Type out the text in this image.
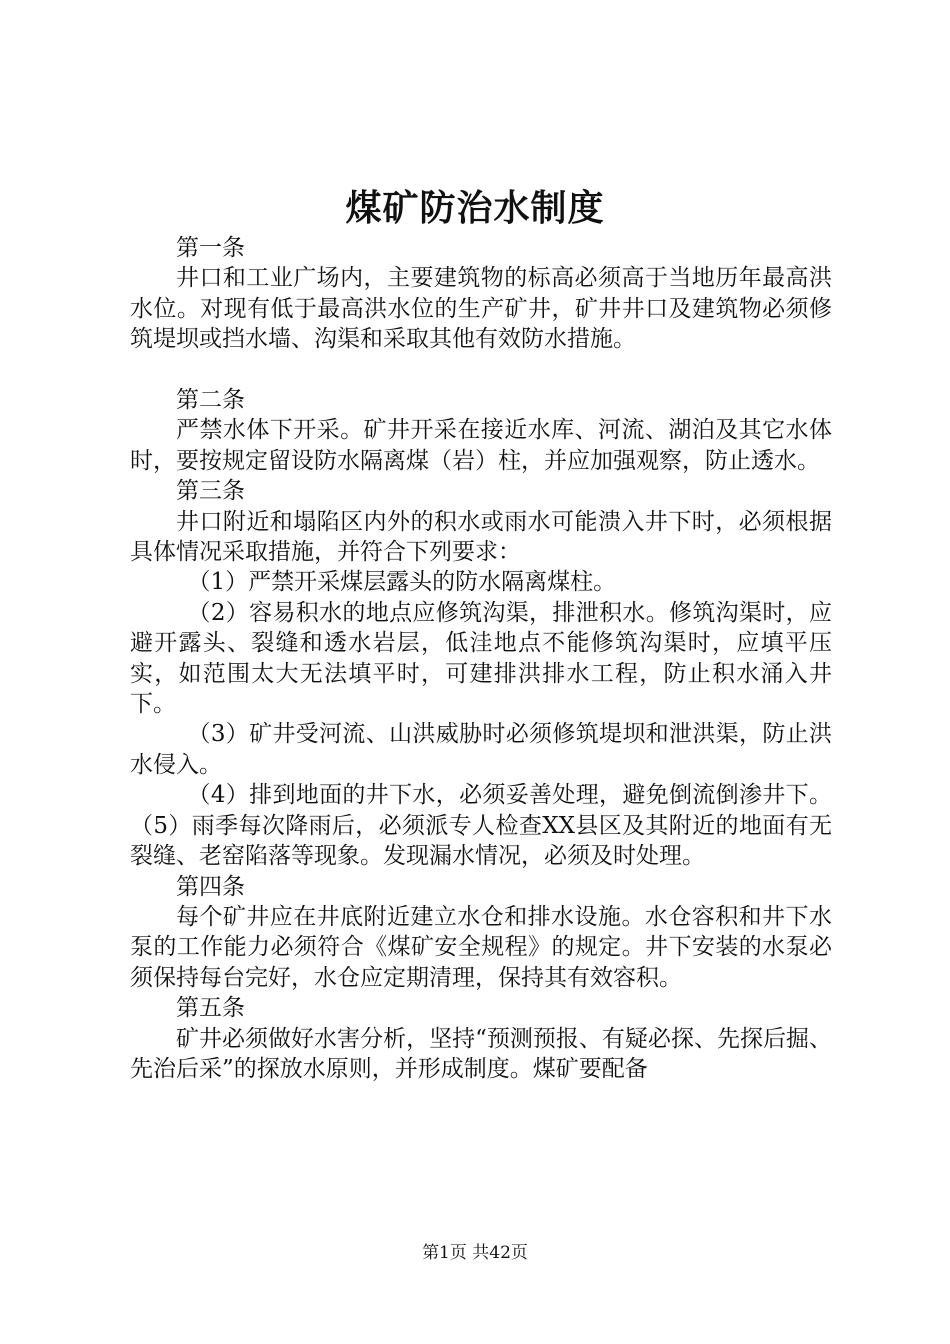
煤矿防治水制度

第一条

井口和工业广场内，主要建筑物的标高必须高于当地历年最高洪水位。对现有低于最高洪水位的生产矿井，矿井井口及建筑物必须修筑堤坝或挡水墙、沟渠和采取其他有效防水措施。

第二条

严禁水体下开采。矿井开采在接近水库、河流、湖泊及其它水体时，要按规定留设防水隔离煤（岩）柱，并应加强观察，防止透水。

第三条

井口附近和塌陷区内外的积水或雨水可能溃入井下时，必须根据具体情况采取措施，并符合下列要求：

（1）严禁开采煤层露头的防水隔离煤柱。

（2）容易积水的地点应修筑沟渠，排泄积水。修筑沟渠时，应避开露头、裂缝和透水岩层，低洼地点不能修筑沟渠时，应填平压实，如范围太大无法填平时，可建排洪排水工程，防止积水涌入井下。

（3）矿井受河流、山洪威胁时必须修筑堤坝和泄洪渠，防止洪水侵入。

（4）排到地面的井下水，必须妥善处理，避免倒流倒渗井下。（5）雨季每次降雨后，必须派专人检查XX县区及其附近的地面有无裂缝、老窑陷落等现象。发现漏水情况，必须及时处理。

第四条

每个矿井应在井底附近建立水仓和排水设施。水仓容积和井下水泵的工作能力必须符合《煤矿安全规程》的规定。井下安装的水泵必须保持每台完好，水仓应定期清理，保持其有效容积。

第五条

矿井必须做好水害分析，坚持“预测预报、有疑必探、先探后掘、先治后采”的探放水原则，并形成制度。煤矿要配备

第1页 共42页
